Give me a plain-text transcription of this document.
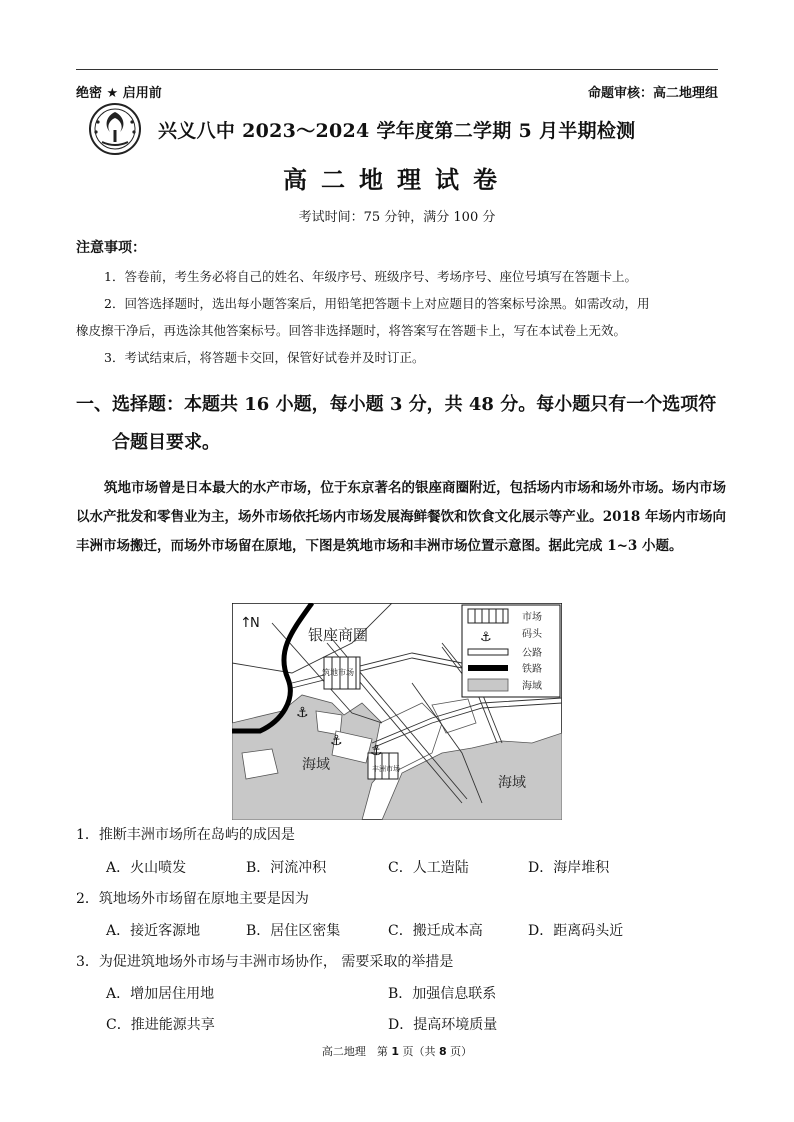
绝密 ★ 启用前	命题审核：高二地理组
兴义八中 2023～2024 学年度第二学期 5 月半期检测
高二地理试卷
考试时间：75 分钟，满分 100 分
注意事项：
1．答卷前，考生务必将自己的姓名、年级序号、班级序号、考场序号、座位号填写在答题卡上。
2．回答选择题时，选出每小题答案后，用铅笔把答题卡上对应题目的答案标号涂黑。如需改动，用
橡皮擦干净后，再选涂其他答案标号。回答非选择题时，将答案写在答题卡上，写在本试卷上无效。
3．考试结束后，将答题卡交回，保管好试卷并及时订正。
一、选择题：本题共 16 小题，每小题 3 分，共 48 分。每小题只有一个选项符
合题目要求。
筑地市场曾是日本最大的水产市场，位于东京著名的银座商圈附近，包括场内市场和场外市场。场内市场以水产批发和零售业为主，场外市场依托场内市场发展海鲜餐饮和饮食文化展示等产业。2018 年场内市场向丰洲市场搬迁，而场外市场留在原地，下图是筑地市场和丰洲市场位置示意图。据此完成 1~3 小题。
⚓
⚓
⚓
↑
N
银座商圈
筑地市场
丰洲市场
海域
海域
⚓
市场
码头
公路
铁路
海域
1．推断丰洲市场所在岛屿的成因是
A．火山喷发	B．河流冲积	C．人工造陆	D．海岸堆积
2．筑地场外市场留在原地主要是因为
A．接近客源地	B．居住区密集	C．搬迁成本高	D．距离码头近
3．为促进筑地场外市场与丰洲市场协作， 需要采取的举措是
A．增加居住用地	B．加强信息联系
C．推进能源共享	D．提高环境质量
高二地理　第 1 页（共 8 页）
